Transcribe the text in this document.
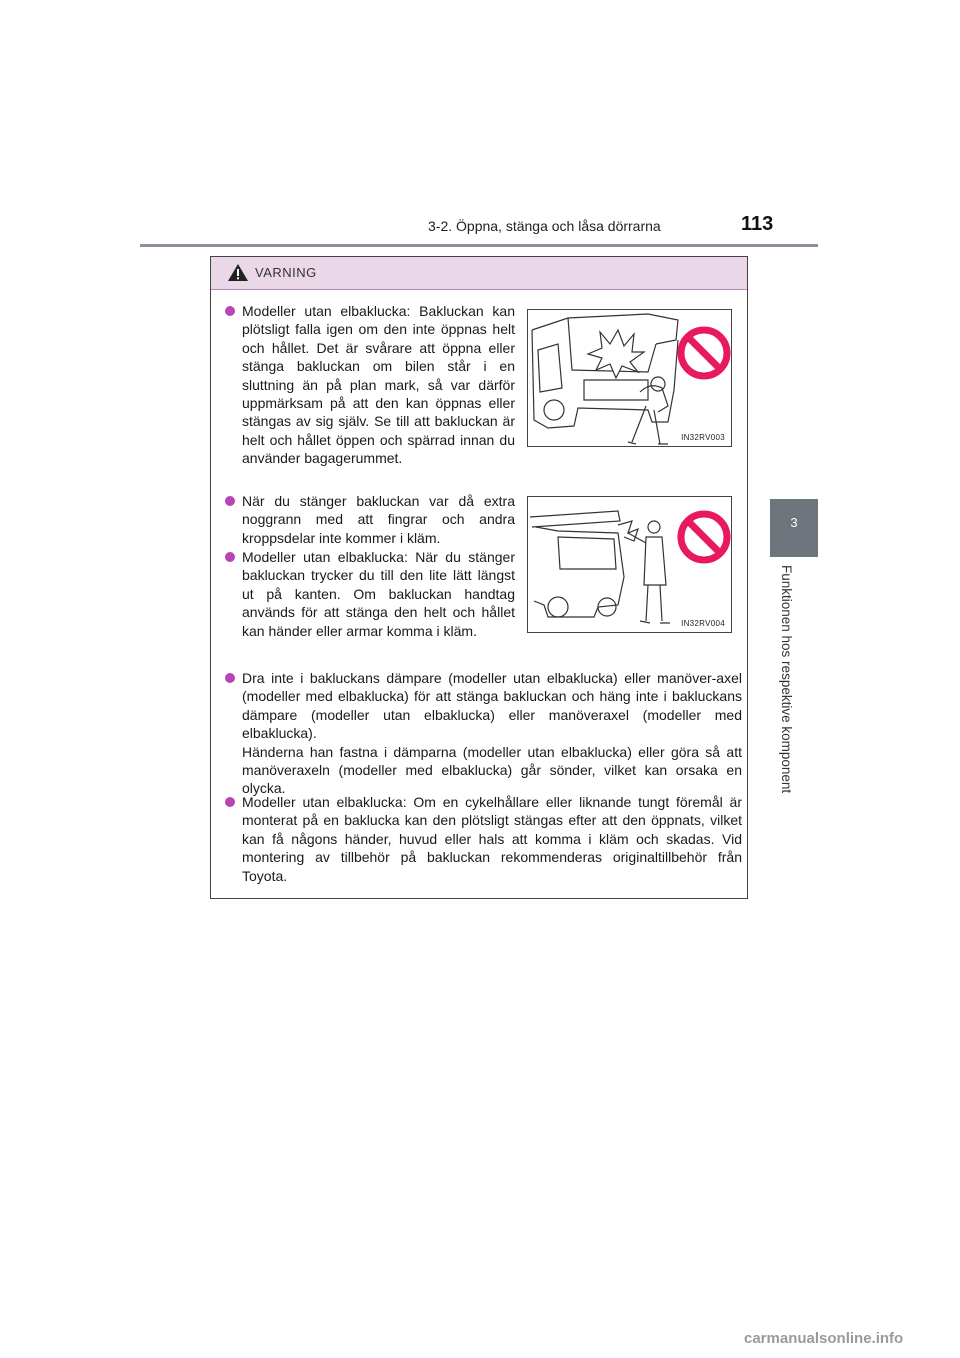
3-2. Öppna, stänga och låsa dörrarna	113
3
Funktionen hos respektive komponent
VARNING
Modeller utan elbaklucka: Bakluckan kan plötsligt falla igen om den inte öppnas helt och hållet. Det är svårare att öppna eller stänga bakluckan om bilen står i en sluttning än på plan mark, så var därför uppmärksam på att den kan öppnas eller stängas av sig själv. Se till att bakluckan är helt och hållet öppen och spärrad innan du använder bagagerummet.
När du stänger bakluckan var då extra noggrann med att fingrar och andra kroppsdelar inte kommer i kläm.
Modeller utan elbaklucka: När du stänger bakluckan trycker du till den lite lätt längst ut på kanten. Om bakluckan handtag används för att stänga den helt och hållet kan händer eller armar komma i kläm.
Dra inte i bakluckans dämpare (modeller utan elbaklucka) eller manöver-axel (modeller med elbaklucka) för att stänga bakluckan och häng inte i bakluckans dämpare (modeller utan elbaklucka) eller manöveraxel (modeller med elbaklucka).
Händerna han fastna i dämparna (modeller utan elbaklucka) eller göra så att manöveraxeln (modeller med elbaklucka) går sönder, vilket kan orsaka en olycka.
Modeller utan elbaklucka: Om en cykelhållare eller liknande tungt föremål är monterat på en baklucka kan den plötsligt stängas efter att den öppnats, vilket kan få någons händer, huvud eller hals att komma i kläm och skadas. Vid montering av tillbehör på bakluckan rekommenderas originaltillbehör från Toyota.
IN32RV003
IN32RV004
carmanualsonline.info
